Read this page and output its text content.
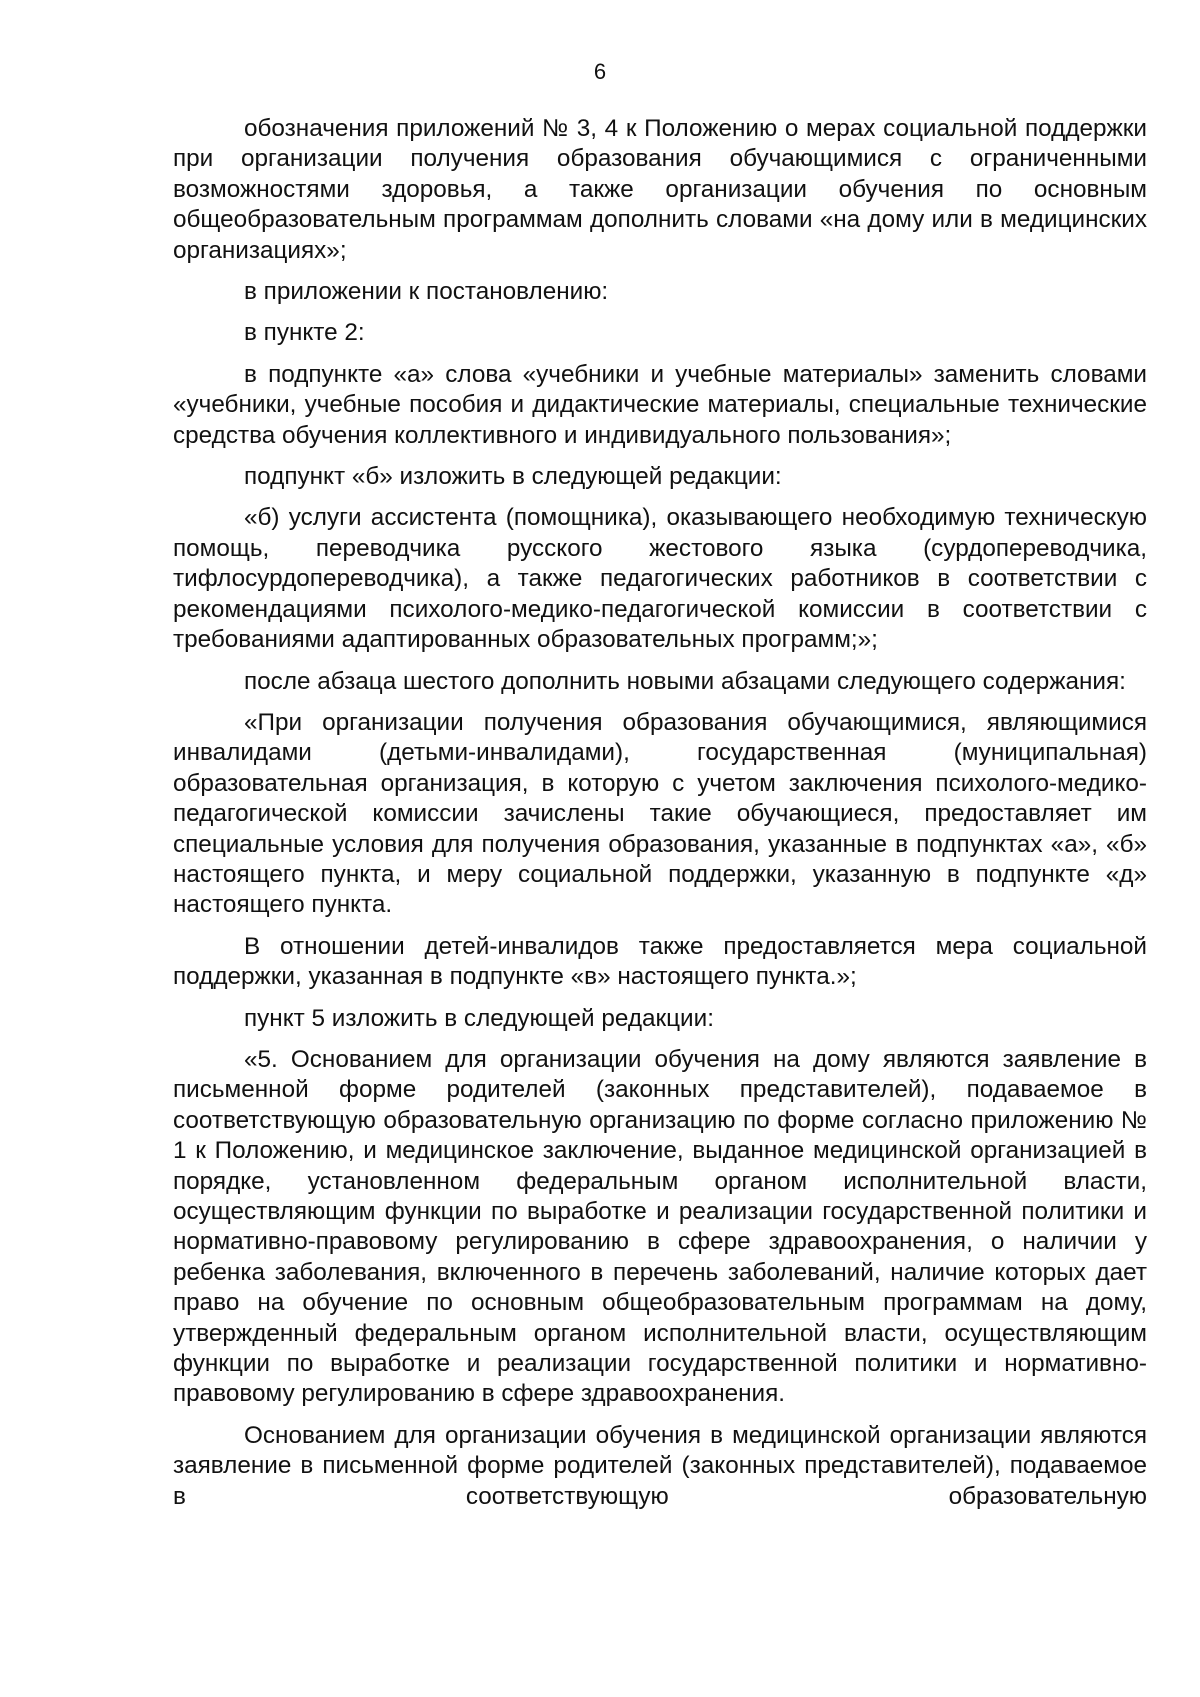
6

обозначения приложений № 3, 4 к Положению о мерах социальной поддержки при организации получения образования обучающимися с ограниченными возможностями здоровья, а также организации обучения по основным общеобразовательным программам дополнить словами «на дому или в медицинских организациях»;

в приложении к постановлению:

в пункте 2:

в подпункте «а» слова «учебники и учебные материалы» заменить словами «учебники, учебные пособия и дидактические материалы, специальные технические средства обучения коллективного и индивидуального пользования»;

подпункт «б» изложить в следующей редакции:

«б) услуги ассистента (помощника), оказывающего необходимую техническую помощь, переводчика русского жестового языка (сурдопереводчика, тифлосурдопереводчика), а также педагогических работников в соответствии с рекомендациями психолого-медико-педагогической комиссии в соответствии с требованиями адаптированных образовательных программ;»;

после абзаца шестого дополнить новыми абзацами следующего содержания:

«При организации получения образования обучающимися, являющимися инвалидами (детьми-инвалидами), государственная (муниципальная) образовательная организация, в которую с учетом заключения психолого-медико-педагогической комиссии зачислены такие обучающиеся, предоставляет им специальные условия для получения образования, указанные в подпунктах «а», «б» настоящего пункта, и меру социальной поддержки, указанную в подпункте «д» настоящего пункта.

В отношении детей-инвалидов также предоставляется мера социальной поддержки, указанная в подпункте «в» настоящего пункта.»;

пункт 5 изложить в следующей редакции:

«5. Основанием для организации обучения на дому являются заявление в письменной форме родителей (законных представителей), подаваемое в соответствующую образовательную организацию по форме согласно приложению № 1 к Положению, и медицинское заключение, выданное медицинской организацией в порядке, установленном федеральным органом исполнительной власти, осуществляющим функции по выработке и реализации государственной политики и нормативно-правовому регулированию в сфере здравоохранения, о наличии у ребенка заболевания, включенного в перечень заболеваний, наличие которых дает право на обучение по основным общеобразовательным программам на дому, утвержденный федеральным органом исполнительной власти, осуществляющим функции по выработке и реализации государственной политики и нормативно-правовому регулированию в сфере здравоохранения.

Основанием для организации обучения в медицинской организации являются заявление в письменной форме родителей (законных представителей), подаваемое в соответствующую образовательную
